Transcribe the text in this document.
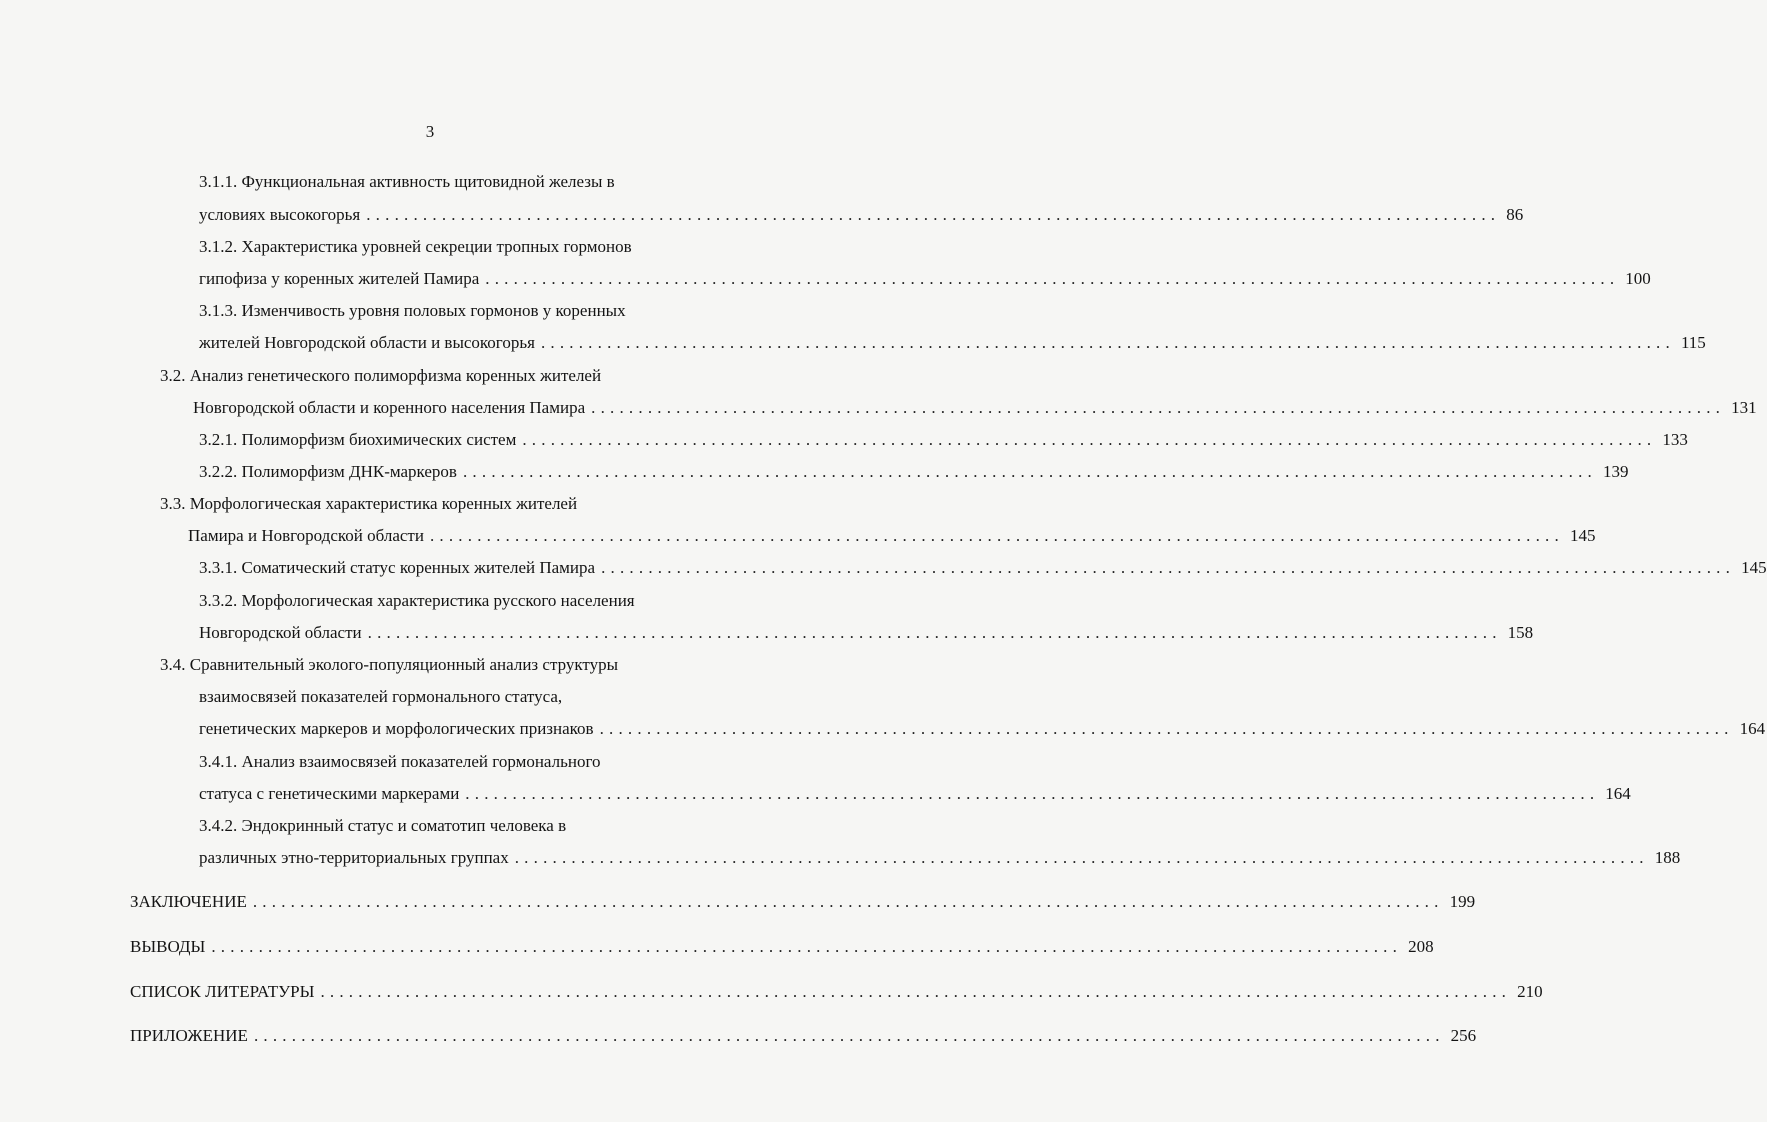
3
3.1.1. Функциональная активность щитовидной железы в
условиях высокогорья ........................................................................................................................ 86
3.1.2. Характеристика уровней секреции тропных гормонов
гипофиза у коренных жителей Памира ........................................................................................................................ 100
3.1.3. Изменчивость уровня половых гормонов у коренных
жителей Новгородской области и высокогорья ........................................................................................................................ 115
3.2. Анализ генетического полиморфизма коренных жителей
Новгородской области и коренного населения Памира ........................................................................................................................ 131
3.2.1. Полиморфизм биохимических систем ........................................................................................................................ 133
3.2.2. Полиморфизм ДНК-маркеров ........................................................................................................................ 139
3.3. Морфологическая характеристика коренных жителей
Памира и Новгородской области ........................................................................................................................ 145
3.3.1. Соматический статус коренных жителей Памира ........................................................................................................................ 145
3.3.2. Морфологическая характеристика русского населения
Новгородской области ........................................................................................................................ 158
3.4. Сравнительный эколого-популяционный анализ структуры
взаимосвязей показателей гормонального статуса,
генетических маркеров и морфологических признаков ........................................................................................................................ 164
3.4.1. Анализ взаимосвязей показателей гормонального
статуса с генетическими маркерами ........................................................................................................................ 164
3.4.2. Эндокринный статус и соматотип человека в
различных этно-территориальных группах ........................................................................................................................ 188
ЗАКЛЮЧЕНИЕ .............................................................................................................................. 199
ВЫВОДЫ .............................................................................................................................. 208
СПИСОК ЛИТЕРАТУРЫ .............................................................................................................................. 210
ПРИЛОЖЕНИЕ .............................................................................................................................. 256
